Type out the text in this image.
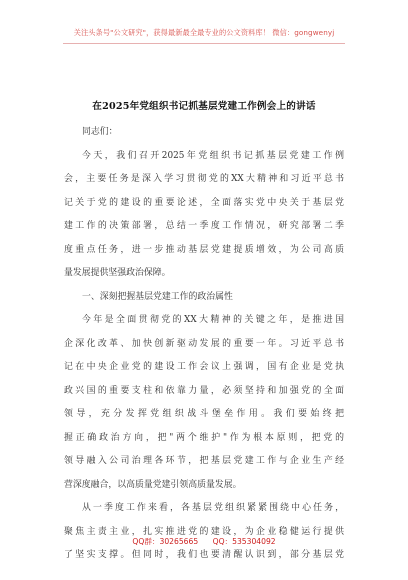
关注头条号"公文研究"，获得最新最全最专业的公文资料库！ 微信：gongwenyj
在2025年党组织书记抓基层党建工作例会上的讲话
同志们：
今天，我们召开2025年党组织书记抓基层党建工作例
会，主要任务是深入学习贯彻党的XX大精神和习近平总书
记关于党的建设的重要论述，全面落实党中央关于基层党
建工作的决策部署，总结一季度工作情况，研究部署二季
度重点任务，进一步推动基层党建提质增效，为公司高质
量发展提供坚强政治保障。
一、深刻把握基层党建工作的政治属性
今年是全面贯彻党的XX大精神的关键之年，是推进国
企深化改革、加快创新驱动发展的重要一年。习近平总书
记在中央企业党的建设工作会议上强调，国有企业是党执
政兴国的重要支柱和依靠力量，必须坚持和加强党的全面
领导，充分发挥党组织战斗堡垒作用。我们要始终把
握正确政治方向，把"两个维护"作为根本原则，把党的
领导融入公司治理各环节，把基层党建工作与企业生产经
营深度融合，以高质量党建引领高质量发展。
从一季度工作来看，各基层党组织紧紧围绕中心任务，
聚焦主责主业，扎实推进党的建设，为企业稳健运行提供
了坚实支撑。但同时，我们也要清醒认识到，部分基层党
QQ群：30265665 QQ：535304092
